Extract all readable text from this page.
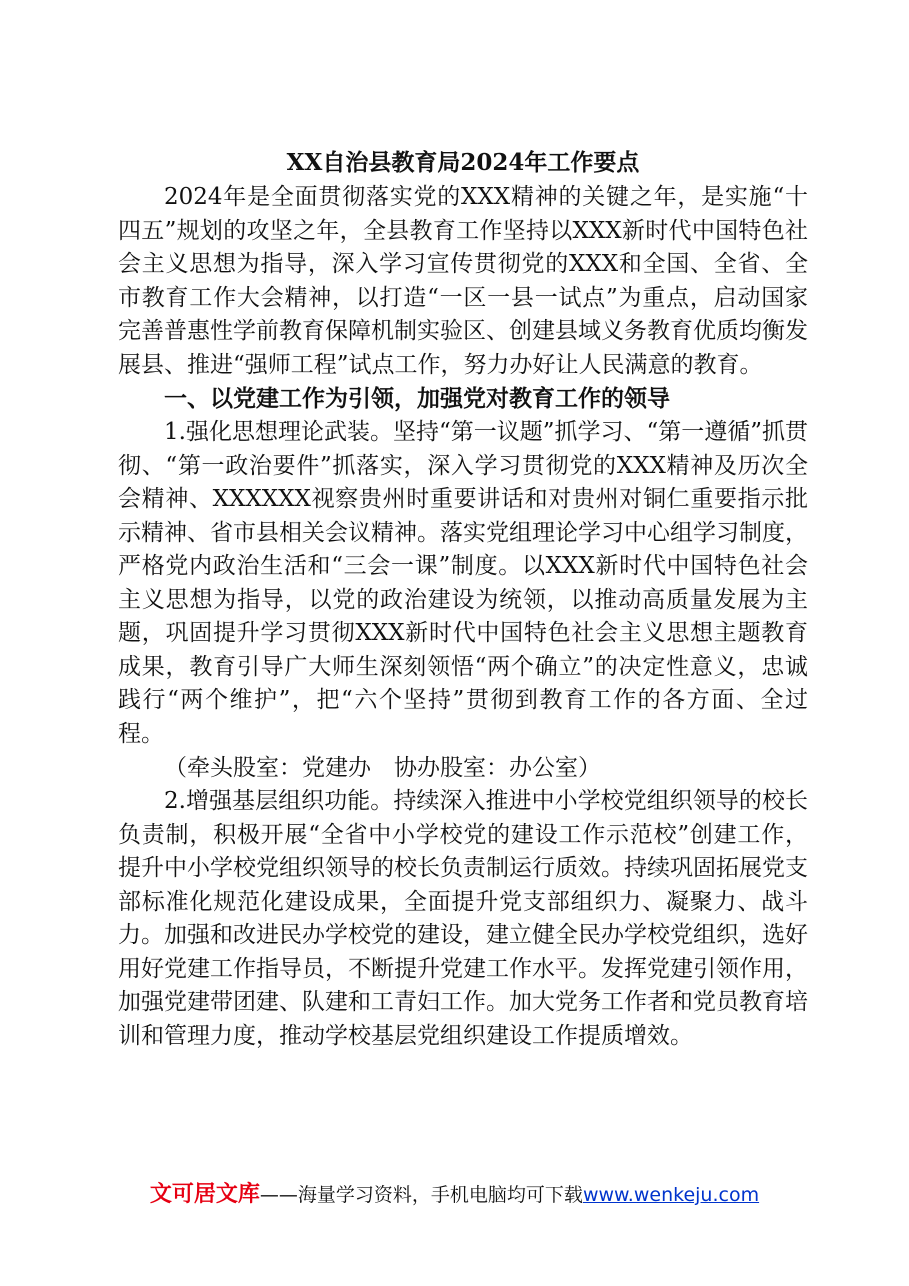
XX自治县教育局2024年工作要点

2024年是全面贯彻落实党的XXX精神的关键之年，是实施“十四五”规划的攻坚之年，全县教育工作坚持以XXX新时代中国特色社会主义思想为指导，深入学习宣传贯彻党的XXX和全国、全省、全市教育工作大会精神，以打造“一区一县一试点”为重点，启动国家完善普惠性学前教育保障机制实验区、创建县域义务教育优质均衡发展县、推进“强师工程”试点工作，努力办好让人民满意的教育。

一、以党建工作为引领，加强党对教育工作的领导

1.强化思想理论武装。坚持“第一议题”抓学习、“第一遵循”抓贯彻、“第一政治要件”抓落实，深入学习贯彻党的XXX精神及历次全会精神、XXXXXX视察贵州时重要讲话和对贵州对铜仁重要指示批示精神、省市县相关会议精神。落实党组理论学习中心组学习制度，严格党内政治生活和“三会一课”制度。以XXX新时代中国特色社会主义思想为指导，以党的政治建设为统领，以推动高质量发展为主题，巩固提升学习贯彻XXX新时代中国特色社会主义思想主题教育成果，教育引导广大师生深刻领悟“两个确立”的决定性意义，忠诚践行“两个维护”，把“六个坚持”贯彻到教育工作的各方面、全过程。

（牵头股室：党建办　协办股室：办公室）

2.增强基层组织功能。持续深入推进中小学校党组织领导的校长负责制，积极开展“全省中小学校党的建设工作示范校”创建工作，提升中小学校党组织领导的校长负责制运行质效。持续巩固拓展党支部标准化规范化建设成果，全面提升党支部组织力、凝聚力、战斗力。加强和改进民办学校党的建设，建立健全民办学校党组织，选好用好党建工作指导员，不断提升党建工作水平。发挥党建引领作用，加强党建带团建、队建和工青妇工作。加大党务工作者和党员教育培训和管理力度，推动学校基层党组织建设工作提质增效。

文可居文库——海量学习资料，手机电脑均可下载www.wenkeju.com
